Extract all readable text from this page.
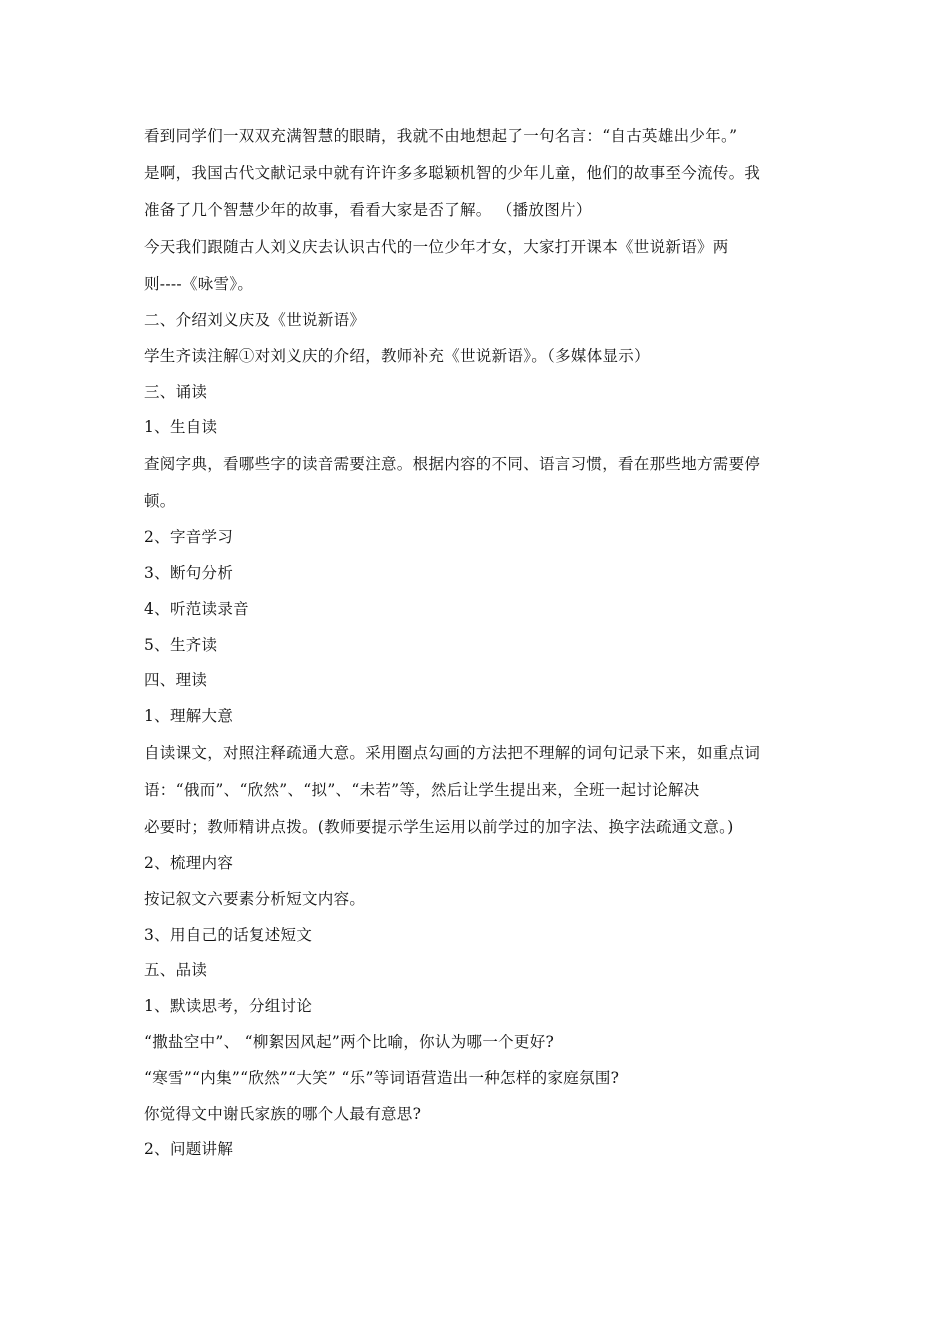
看到同学们一双双充满智慧的眼睛，我就不由地想起了一句名言：“自古英雄出少年。”
是啊，我国古代文献记录中就有许许多多聪颖机智的少年儿童，他们的故事至今流传。我
准备了几个智慧少年的故事，看看大家是否了解。 （播放图片）
今天我们跟随古人刘义庆去认识古代的一位少年才女，大家打开课本《世说新语》两
则----《咏雪》。
二、介绍刘义庆及《世说新语》
学生齐读注解①对刘义庆的介绍，教师补充《世说新语》。（多媒体显示）
三、诵读
1、生自读
查阅字典，看哪些字的读音需要注意。根据内容的不同、语言习惯，看在那些地方需要停
顿。
2、字音学习
3、断句分析
4、听范读录音
5、生齐读
四、理读
1、理解大意
自读课文，对照注释疏通大意。采用圈点勾画的方法把不理解的词句记录下来，如重点词
语：“俄而”、“欣然”、“拟”、“未若”等，然后让学生提出来，全班一起讨论解决
必要时；教师精讲点拨。(教师要提示学生运用以前学过的加字法、换字法疏通文意。)
2、梳理内容
按记叙文六要素分析短文内容。
3、用自己的话复述短文
五、品读
1、默读思考，分组讨论
“撒盐空中”、 “柳絮因风起”两个比喻，你认为哪一个更好?
“寒雪”“内集”“欣然”“大笑” “乐”等词语营造出一种怎样的家庭氛围?
你觉得文中谢氏家族的哪个人最有意思?
2、问题讲解
